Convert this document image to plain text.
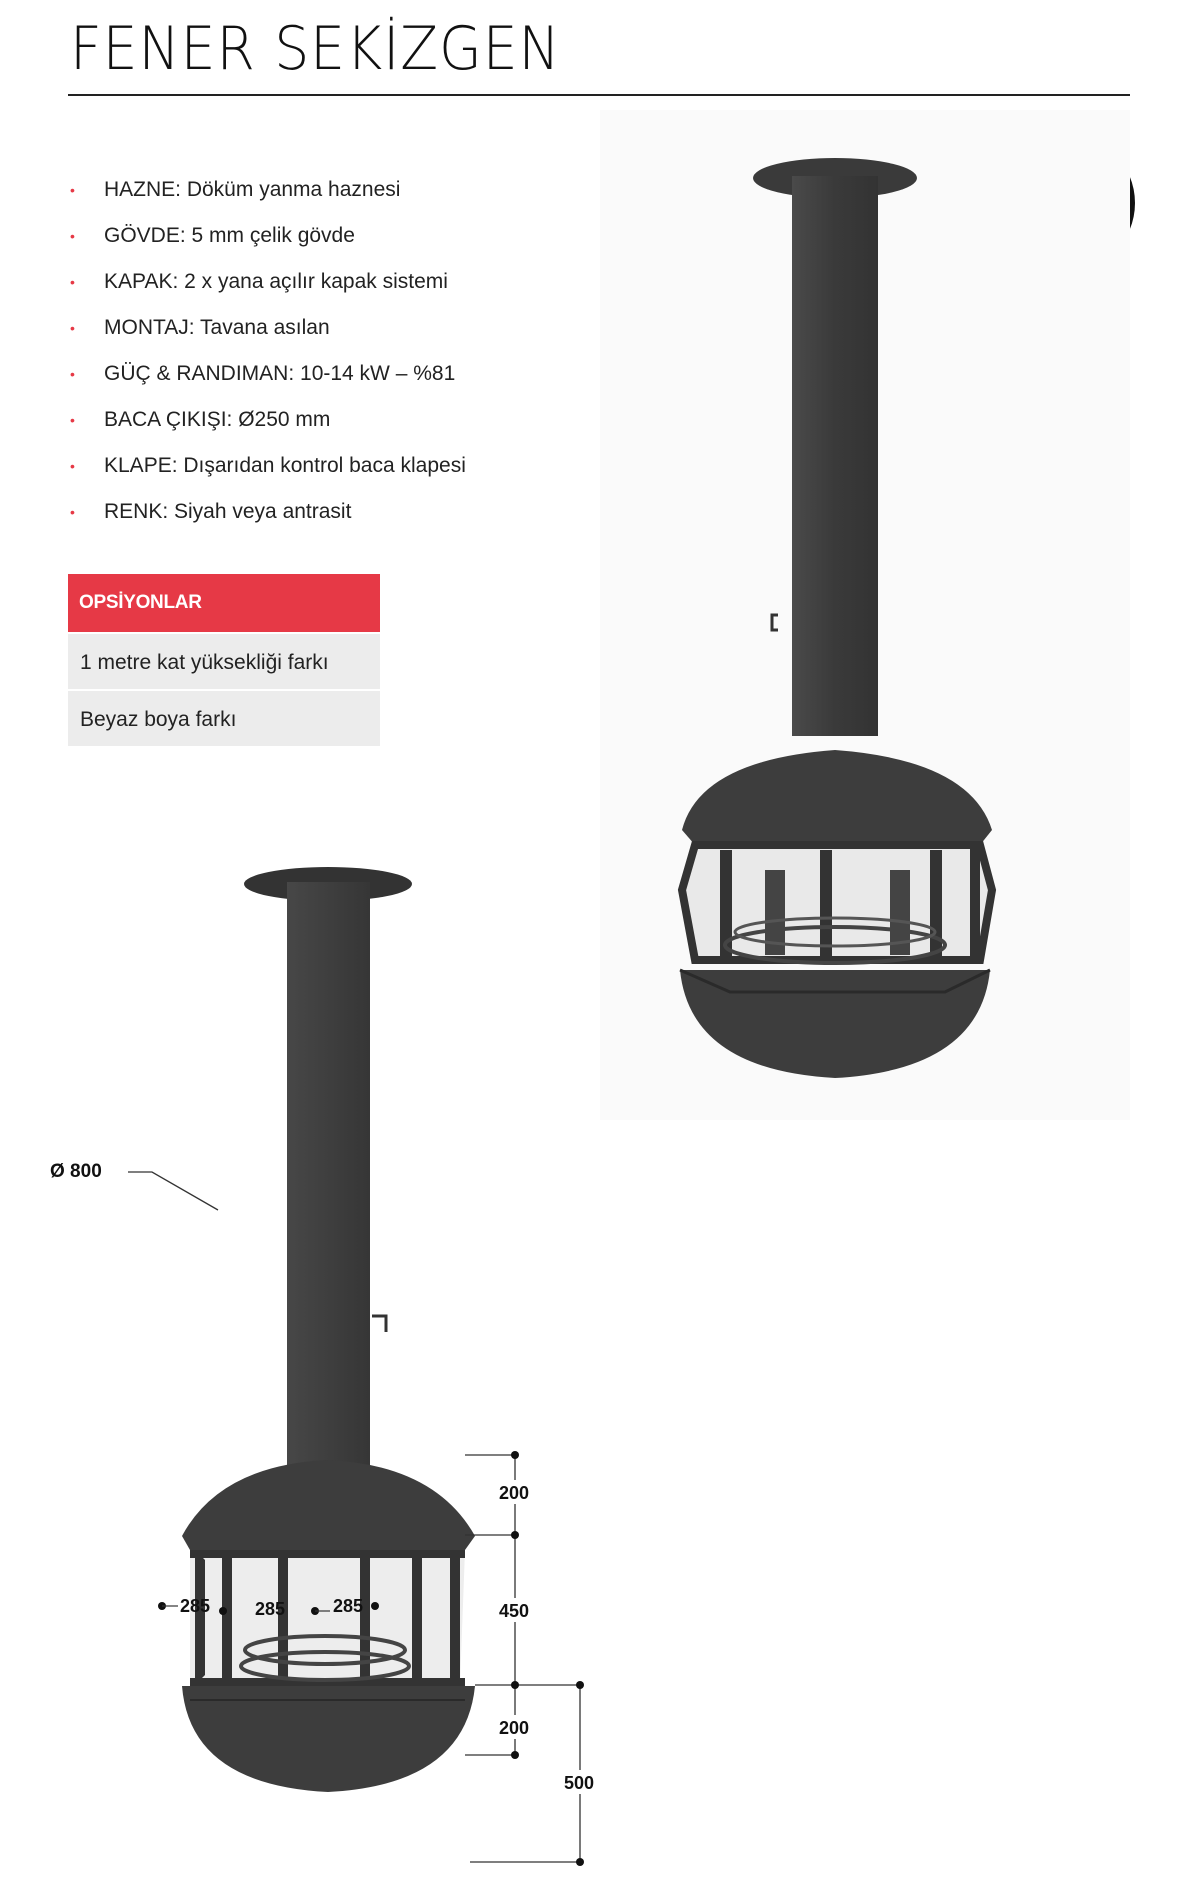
FENER SEKİZGEN
•	HAZNE: Döküm yanma haznesi
•	GÖVDE: 5 mm çelik gövde
•	KAPAK: 2 x yana açılır kapak sistemi
•	MONTAJ: Tavana asılan
•	GÜÇ & RANDIMAN: 10-14 kW – %81
•	BACA ÇIKIŞI: Ø250 mm
•	KLAPE: Dışarıdan kontrol baca klapesi
•	RENK: Siyah veya antrasit
OPSİYONLAR
1 metre kat yüksekliği farkı
Beyaz boya farkı
Ø 800
285 285	285
200
450
200
500
